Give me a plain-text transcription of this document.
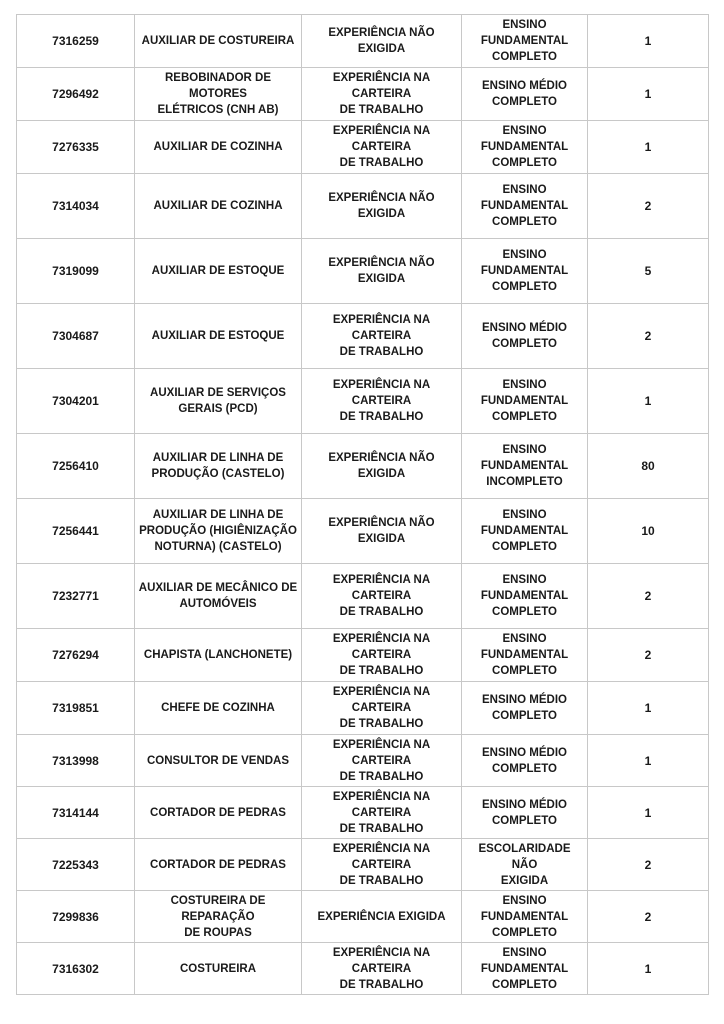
7316259	AUXILIAR DE COSTUREIRA	EXPERIÊNCIA NÃO EXIGIDA	ENSINO
FUNDAMENTAL
COMPLETO	1
7296492	REBOBINADOR DE MOTORES
ELÉTRICOS (CNH AB)	EXPERIÊNCIA NA CARTEIRA
DE TRABALHO	ENSINO MÉDIO
COMPLETO	1
7276335	AUXILIAR DE COZINHA	EXPERIÊNCIA NA CARTEIRA
DE TRABALHO	ENSINO
FUNDAMENTAL
COMPLETO	1
7314034	AUXILIAR DE COZINHA	EXPERIÊNCIA NÃO EXIGIDA	ENSINO
FUNDAMENTAL
COMPLETO	2
7319099	AUXILIAR DE ESTOQUE	EXPERIÊNCIA NÃO EXIGIDA	ENSINO
FUNDAMENTAL
COMPLETO	5
7304687	AUXILIAR DE ESTOQUE	EXPERIÊNCIA NA CARTEIRA
DE TRABALHO	ENSINO MÉDIO
COMPLETO	2
7304201	AUXILIAR DE SERVIÇOS
GERAIS (PCD)	EXPERIÊNCIA NA CARTEIRA
DE TRABALHO	ENSINO
FUNDAMENTAL
COMPLETO	1
7256410	AUXILIAR DE LINHA DE
PRODUÇÃO (CASTELO)	EXPERIÊNCIA NÃO EXIGIDA	ENSINO
FUNDAMENTAL
INCOMPLETO	80
7256441	AUXILIAR DE LINHA DE
PRODUÇÃO (HIGIÊNIZAÇÃO
NOTURNA) (CASTELO)	EXPERIÊNCIA NÃO EXIGIDA	ENSINO
FUNDAMENTAL
COMPLETO	10
7232771	AUXILIAR DE MECÂNICO DE
AUTOMÓVEIS	EXPERIÊNCIA NA CARTEIRA
DE TRABALHO	ENSINO
FUNDAMENTAL
COMPLETO	2
7276294	CHAPISTA (LANCHONETE)	EXPERIÊNCIA NA CARTEIRA
DE TRABALHO	ENSINO
FUNDAMENTAL
COMPLETO	2
7319851	CHEFE DE COZINHA	EXPERIÊNCIA NA CARTEIRA
DE TRABALHO	ENSINO MÉDIO
COMPLETO	1
7313998	CONSULTOR DE VENDAS	EXPERIÊNCIA NA CARTEIRA
DE TRABALHO	ENSINO MÉDIO
COMPLETO	1
7314144	CORTADOR DE PEDRAS	EXPERIÊNCIA NA CARTEIRA
DE TRABALHO	ENSINO MÉDIO
COMPLETO	1
7225343	CORTADOR DE PEDRAS	EXPERIÊNCIA NA CARTEIRA
DE TRABALHO	ESCOLARIDADE NÃO
EXIGIDA	2
7299836	COSTUREIRA DE REPARAÇÃO
DE ROUPAS	EXPERIÊNCIA EXIGIDA	ENSINO
FUNDAMENTAL
COMPLETO	2
7316302	COSTUREIRA	EXPERIÊNCIA NA CARTEIRA
DE TRABALHO	ENSINO
FUNDAMENTAL
COMPLETO	1
